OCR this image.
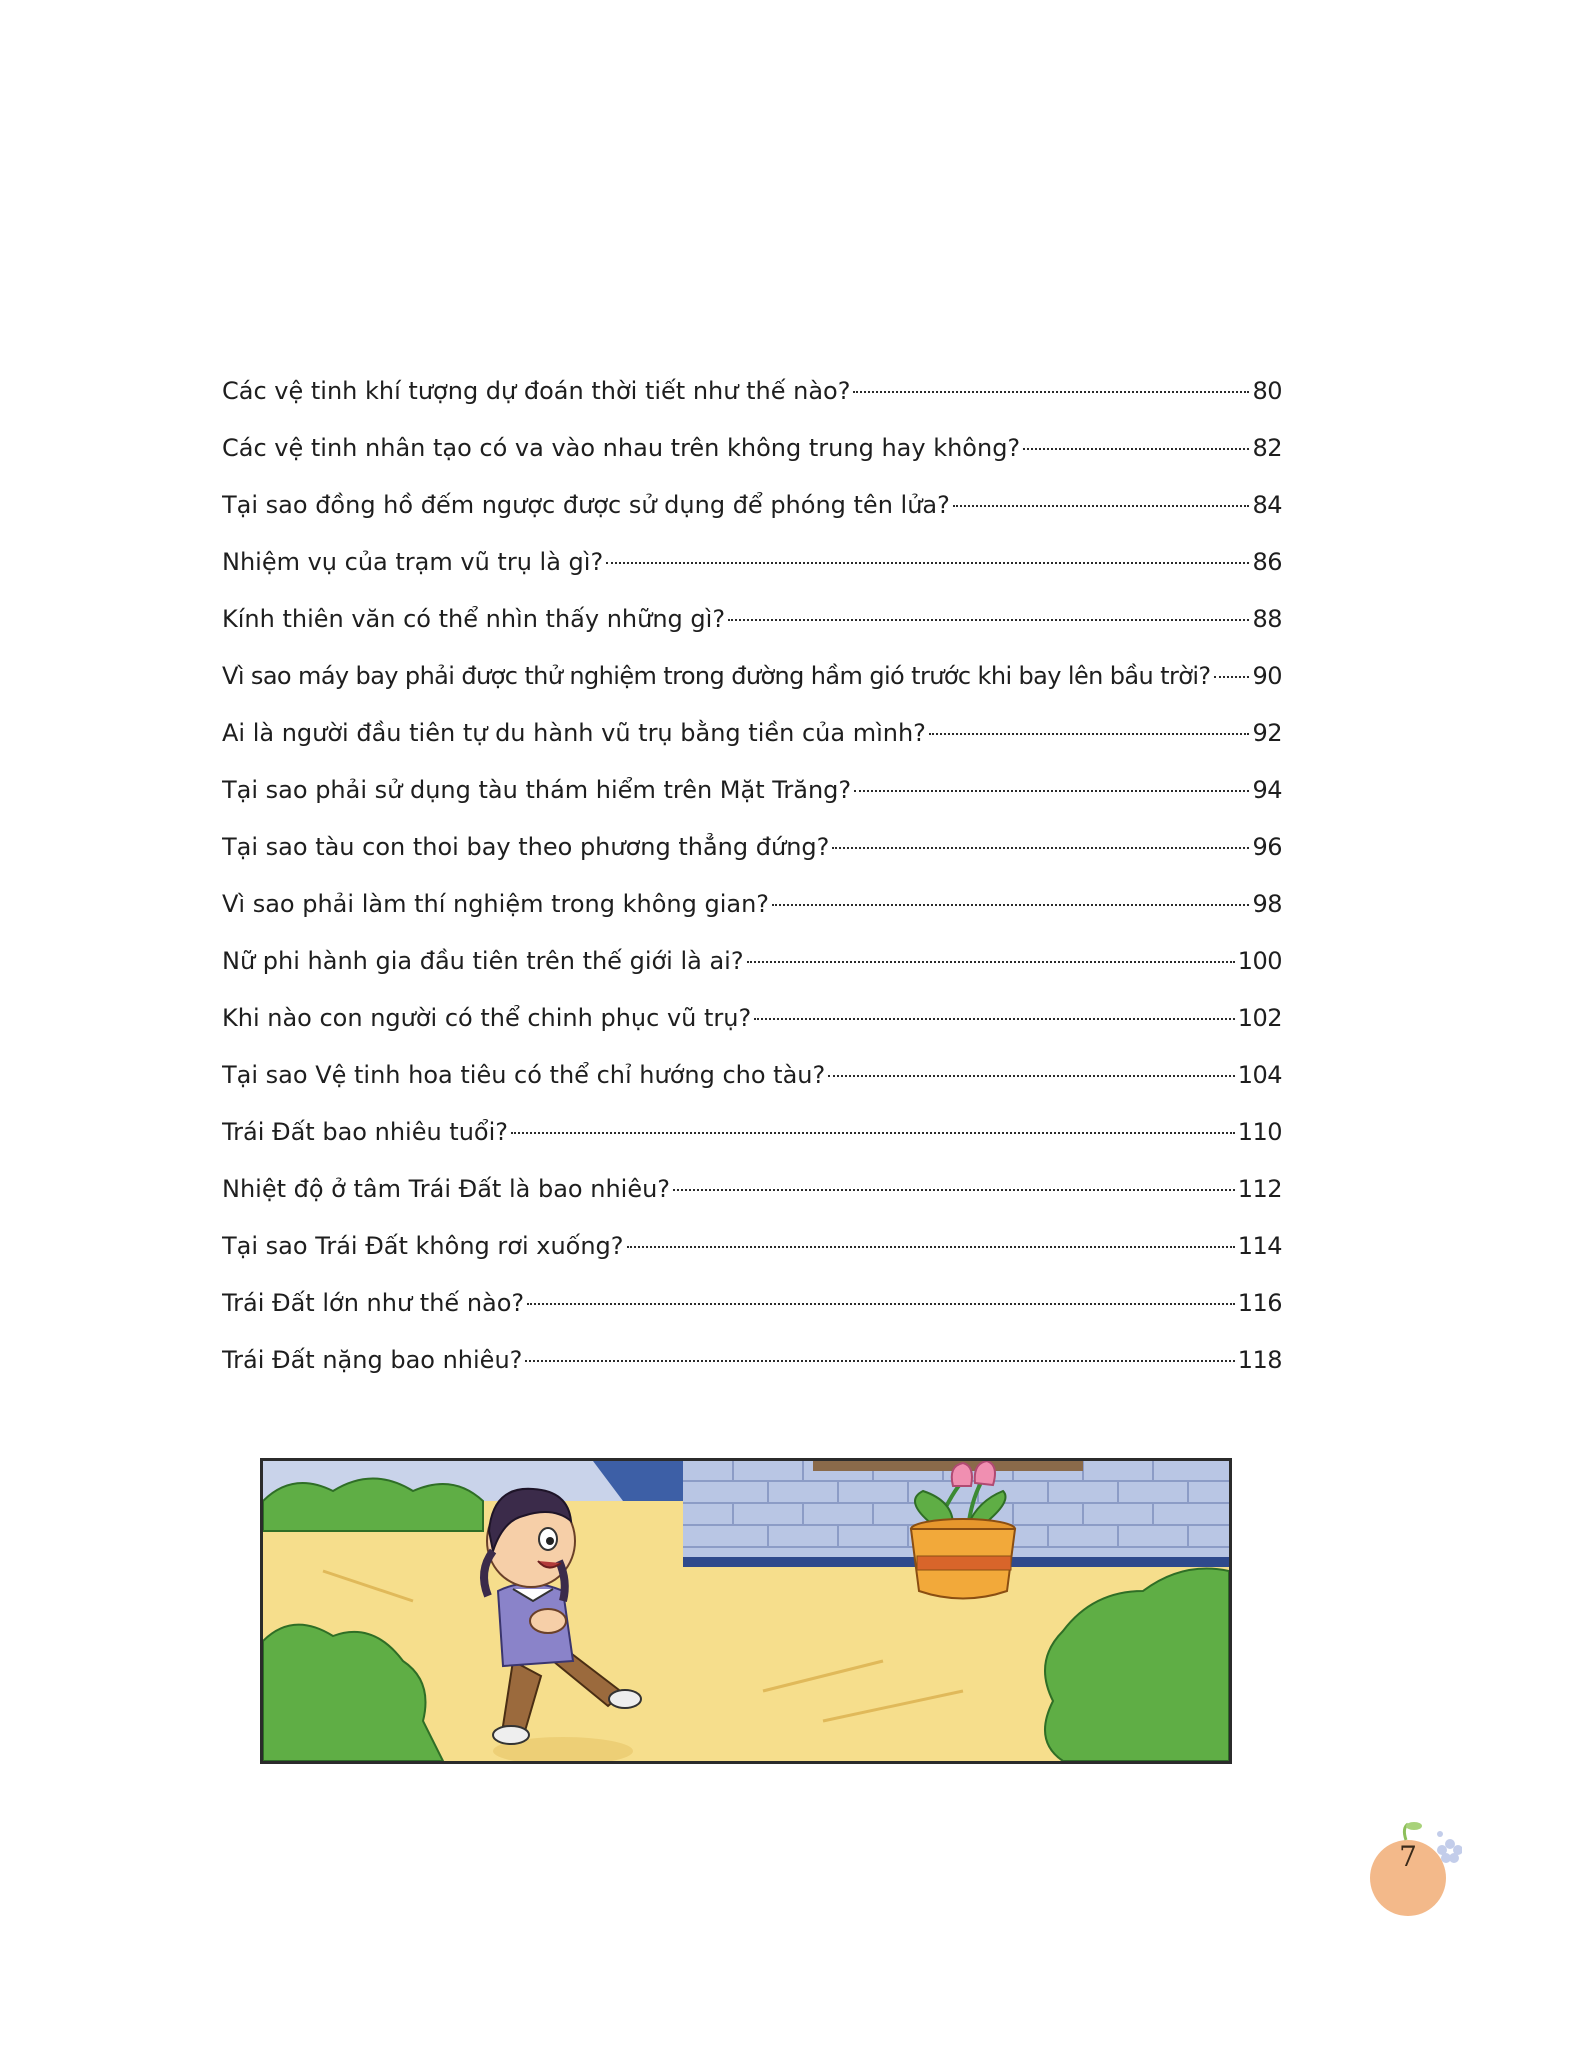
Các vệ tinh khí tượng dự đoán thời tiết như thế nào?	80
Các vệ tinh nhân tạo có va vào nhau trên không trung hay không?	82
Tại sao đồng hồ đếm ngược được sử dụng để phóng tên lửa?	84
Nhiệm vụ của trạm vũ trụ là gì?	86
Kính thiên văn có thể nhìn thấy những gì?	88
Vì sao máy bay phải được thử nghiệm trong đường hầm gió trước khi bay lên bầu trời? 90
Ai là người đầu tiên tự du hành vũ trụ bằng tiền của mình?	92
Tại sao phải sử dụng tàu thám hiểm trên Mặt Trăng?	94
Tại sao tàu con thoi bay theo phương thẳng đứng?	96
Vì sao phải làm thí nghiệm trong không gian?	98
Nữ phi hành gia đầu tiên trên thế giới là ai?	100
Khi nào con người có thể chinh phục vũ trụ?	102
Tại sao Vệ tinh hoa tiêu có thể chỉ hướng cho tàu?	104
Trái Đất bao nhiêu tuổi?	110
Nhiệt độ ở tâm Trái Đất là bao nhiêu?	112
Tại sao Trái Đất không rơi xuống?	114
Trái Đất lớn như thế nào?	116
Trái Đất nặng bao nhiêu?	118
7
